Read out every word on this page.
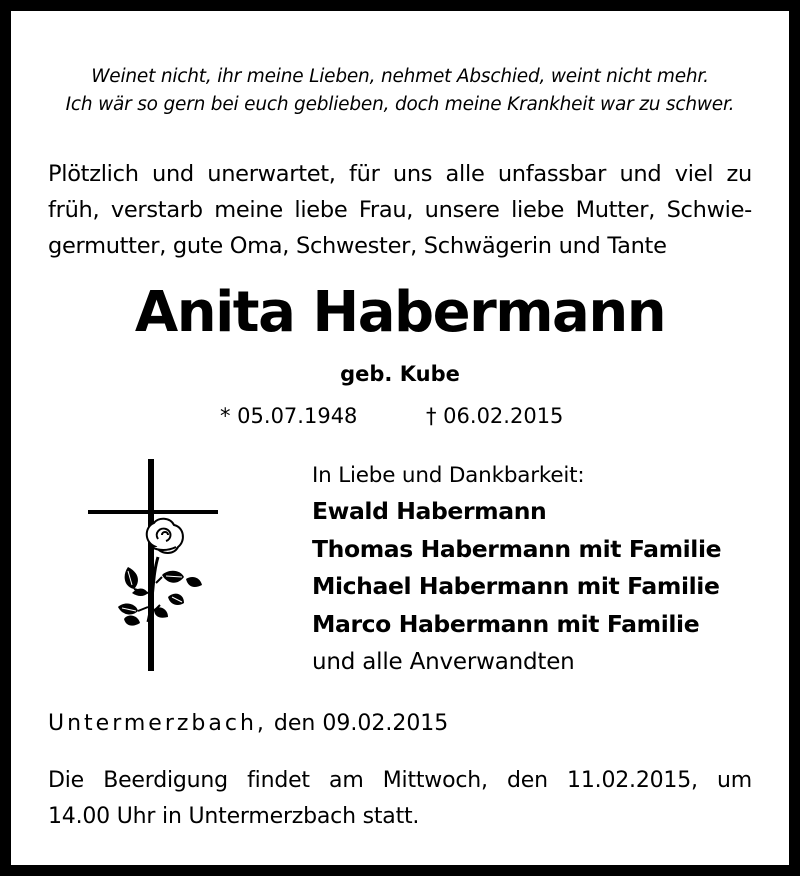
Weinet nicht, ihr meine Lieben, nehmet Abschied, weint nicht mehr.
Ich wär so gern bei euch geblieben, doch meine Krankheit war zu schwer.
Plötzlich und unerwartet, für uns alle unfassbar und viel zu
früh, verstarb meine liebe Frau, unsere liebe Mutter, Schwie-
germutter, gute Oma, Schwester, Schwägerin und Tante
Anita Habermann
geb. Kube
* 05.07.1948	† 06.02.2015
In Liebe und Dankbarkeit:
Ewald Habermann
Thomas Habermann mit Familie
Michael Habermann mit Familie
Marco Habermann mit Familie
und alle Anverwandten
Untermerzbach, den 09.02.2015
Die Beerdigung findet am Mittwoch, den 11.02.2015, um
14.00 Uhr in Untermerzbach statt.
